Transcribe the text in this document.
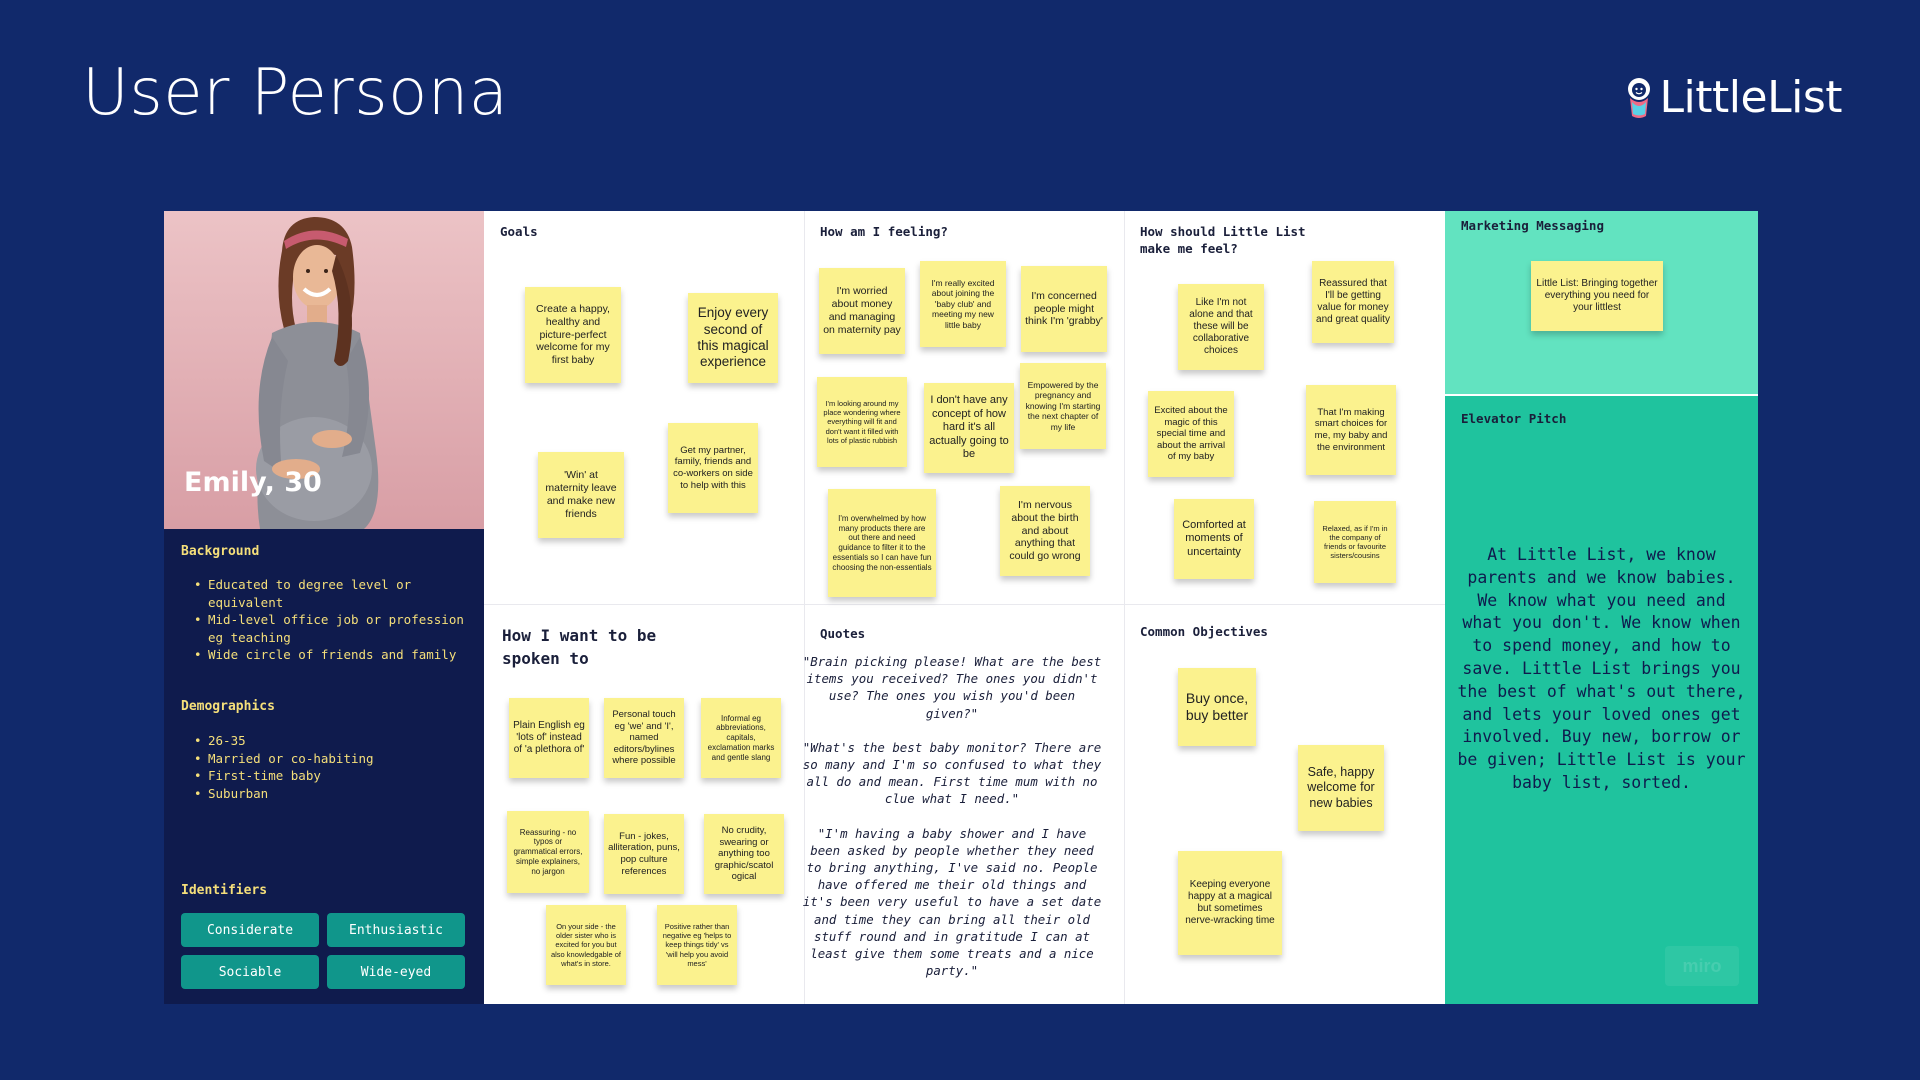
User Persona	LittleList
Emily, 30
Background
• Educated to degree level or equivalent
• Mid-level office job or profession eg teaching
• Wide circle of friends and family
Demographics
• 26-35
• Married or co-habiting
• First-time baby
• Suburban
Identifiers
Considerate	Enthusiastic
Sociable	Wide-eyed
Goals
Create a happy, healthy and picture-perfect welcome for my first baby
Enjoy every second of this magical experience
'Win' at maternity leave and make new friends
Get my partner, family, friends and co-workers on side to help with this
How am I feeling?
I'm worried about money and managing on maternity pay
I'm really excited about joining the 'baby club' and meeting my new little baby
I'm concerned people might think I'm 'grabby'
I'm looking around my place wondering where everything will fit and don't want it filled with lots of plastic rubbish
I don't have any concept of how hard it's all actually going to be
Empowered by the pregnancy and knowing I'm starting the next chapter of my life
I'm overwhelmed by how many products there are out there and need guidance to filter it to the essentials so I can have fun choosing the non-essentials
I'm nervous about the birth and about anything that could go wrong
How should Little List make me feel?
Like I'm not alone and that these will be collaborative choices
Reassured that I'll be getting value for money and great quality
Excited about the magic of this special time and about the arrival of my baby
That I'm making smart choices for me, my baby and the environment
Comforted at moments of uncertainty
Relaxed, as if I'm in the company of friends or favourite sisters/cousins
Marketing Messaging
Little List: Bringing together everything you need for your littlest
How I want to be spoken to
Plain English eg 'lots of' instead of 'a plethora of'
Personal touch eg 'we' and 'I', named editors/bylines where possible
Informal eg abbreviations, capitals, exclamation marks and gentle slang
Reassuring - no typos or grammatical errors, simple explainers, no jargon
Fun - jokes, alliteration, puns, pop culture references
No crudity, swearing or anything too graphic/scatol ogical
On your side - the older sister who is excited for you but also knowledgable of what's in store.
Positive rather than negative eg 'helps to keep things tidy' vs 'will help you avoid mess'
Quotes

"Brain picking please! What are the best items you received? The ones you didn't use? The ones you wish you'd been given?"

"What's the best baby monitor? There are so many and I'm so confused to what they all do and mean. First time mum with no clue what I need."

"I'm having a baby shower and I have been asked by people whether they need to bring anything, I've said no. People have offered me their old things and it's been very useful to have a set date and time they can bring all their old stuff round and in gratitude I can at least give them some treats and a nice party."

Common Objectives
Buy once, buy better
Safe, happy welcome for new babies
Keeping everyone happy at a magical but sometimes nerve-wracking time
Elevator Pitch
At Little List, we know parents and we know babies. We know what you need and what you don't. We know when to spend money, and how to save. Little List brings you the best of what's out there, and lets your loved ones get involved. Buy new, borrow or be given; Little List is your baby list, sorted.
miro
